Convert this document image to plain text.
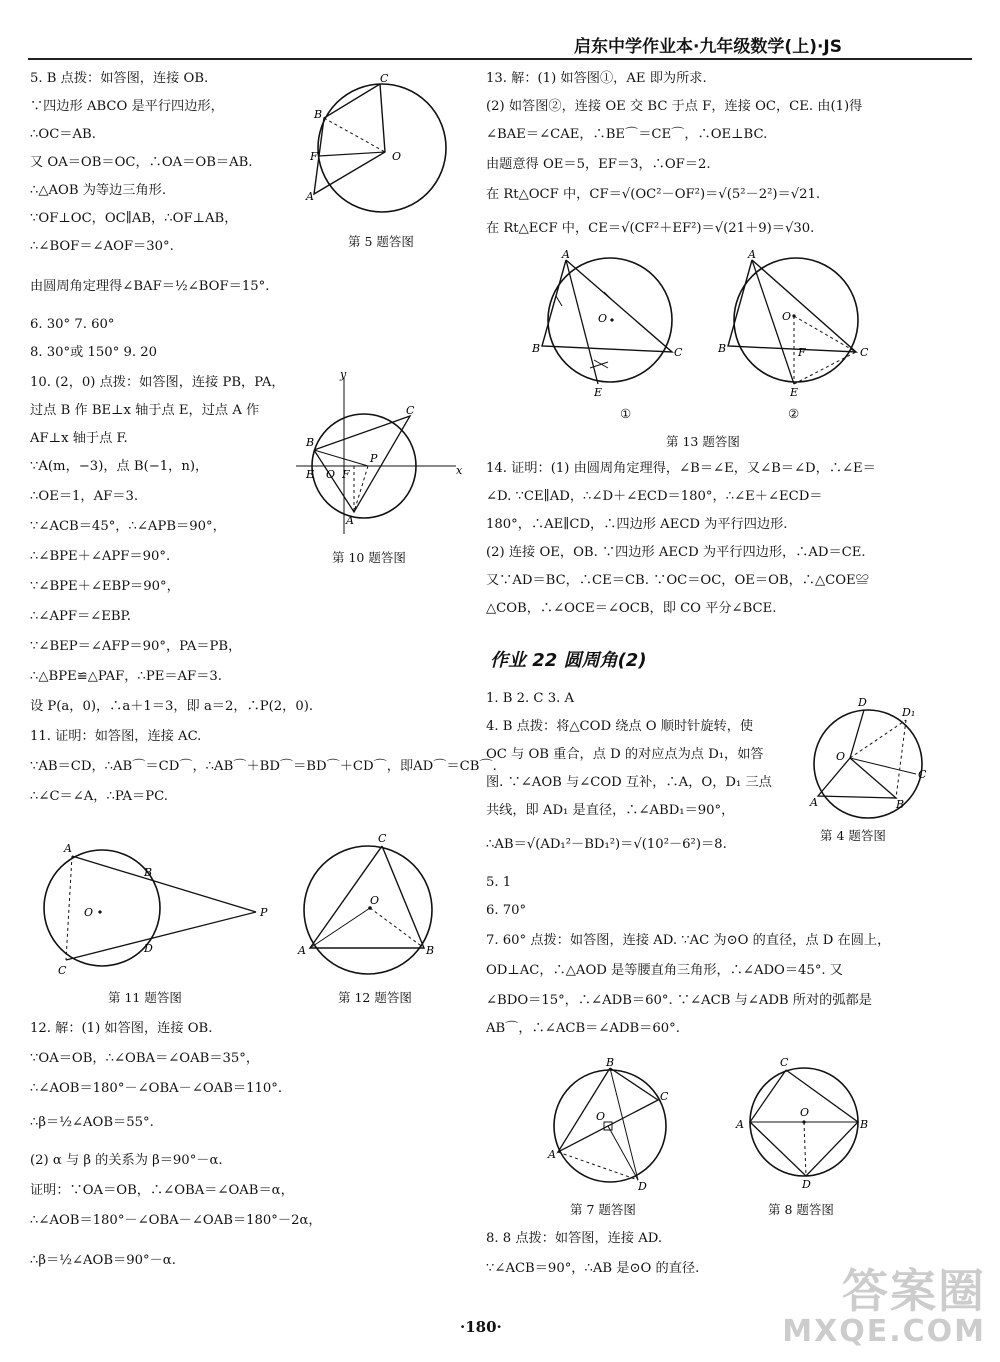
启东中学作业本·九年级数学(上)·JS
5. B 点拨：如答图，连接 OB.
∵四边形 ABCO 是平行四边形，
∴OC＝AB.
又 OA＝OB＝OC，∴OA＝OB＝AB.
∴△AOB 为等边三角形.
∵OF⊥OC，OC∥AB，∴OF⊥AB，
∴∠BOF＝∠AOF＝30°.
由圆周角定理得∠BAF＝½∠BOF＝15°.
6. 30° 7. 60°
8. 30°或 150° 9. 20
10. (2，0) 点拨：如答图，连接 PB，PA，
过点 B 作 BE⊥x 轴于点 E，过点 A 作
AF⊥x 轴于点 F.
∵A(m，−3)，点 B(−1，n)，
∴OE＝1，AF＝3.
∵∠ACB＝45°，∴∠APB＝90°，
∴∠BPE＋∠APF＝90°.
∵∠BPE＋∠EBP＝90°，
∴∠APF＝∠EBP.
∵∠BEP＝∠AFP＝90°，PA＝PB，
∴△BPE≌△PAF，∴PE＝AF＝3.
设 P(a，0)，∴a＋1＝3，即 a＝2，∴P(2，0).
11. 证明：如答图，连接 AC.
∵AB＝CD，∴AB⌒＝CD⌒，∴AB⌒＋BD⌒＝BD⌒＋CD⌒，即AD⌒＝CB⌒.
∴∠C＝∠A，∴PA＝PC.
12. 解：(1) 如答图，连接 OB.
∵OA＝OB，∴∠OBA＝∠OAB＝35°，
∴∠AOB＝180°－∠OBA－∠OAB＝110°.
∴β＝½∠AOB＝55°.
(2) α 与 β 的关系为 β＝90°－α.
证明：∵OA＝OB，∴∠OBA＝∠OAB＝α，
∴∠AOB＝180°－∠OBA－∠OAB＝180°－2α，
∴β＝½∠AOB＝90°－α.
C
B
F
A
O
第 5 题答图
y
x
C
B
P
E O F
A
第 10 题答图
A
B
D
C
O	P
第 11 题答图
C
A	B
O
第 12 题答图
13. 解：(1) 如答图①，AE 即为所求.
(2) 如答图②，连接 OE 交 BC 于点 F，连接 OC，CE. 由(1)得
∠BAE＝∠CAE，∴BE⌒＝CE⌒，∴OE⊥BC.
由题意得 OE＝5，EF＝3，∴OF＝2.
在 Rt△OCF 中，CF＝√(OC²－OF²)＝√(5²－2²)＝√21.
在 Rt△ECF 中，CE＝√(CF²＋EF²)＝√(21＋9)＝√30.
14. 证明：(1) 由圆周角定理得，∠B＝∠E，又∠B＝∠D，∴∠E＝
∠D. ∵CE∥AD，∴∠D＋∠ECD＝180°，∴∠E＋∠ECD＝
180°，∴AE∥CD，∴四边形 AECD 为平行四边形.
(2) 连接 OE，OB. ∵四边形 AECD 为平行四边形，∴AD＝CE.
又∵AD＝BC，∴CE＝CB. ∵OC＝OC，OE＝OB，∴△COE≌
△COB，∴∠OCE＝∠OCB，即 CO 平分∠BCE.
1. B 2. C 3. A
4. B 点拨：将△COD 绕点 O 顺时针旋转，使
OC 与 OB 重合，点 D 的对应点为点 D₁，如答
图. ∵∠AOB 与∠COD 互补，∴A，O，D₁ 三点
共线，即 AD₁ 是直径，∴∠ABD₁＝90°，
∴AB＝√(AD₁²－BD₁²)＝√(10²－6²)＝8.
5. 1
6. 70°
7. 60° 点拨：如答图，连接 AD. ∵AC 为⊙O 的直径，点 D 在圆上，
OD⊥AC，∴△AOD 是等腰直角三角形，∴∠ADO＝45°. 又
∠BDO＝15°，∴∠ADB＝60°. ∵∠ACB 与∠ADB 所对的弧都是
AB⌒，∴∠ACB＝∠ADB＝60°.
8. 8 点拨：如答图，连接 AD.
∵∠ACB＝90°，∴AB 是⊙O 的直径.
A
B	C
E
O
①
A
B	C
E
O
F
②
第 13 题答图
作业 22 圆周角(2)
D
D₁
O
C
A	B
第 4 题答图
B
C
A
D
O
第 7 题答图
C
A	B
D
O
第 8 题答图
·180·
答案圈
MXQE.COM
